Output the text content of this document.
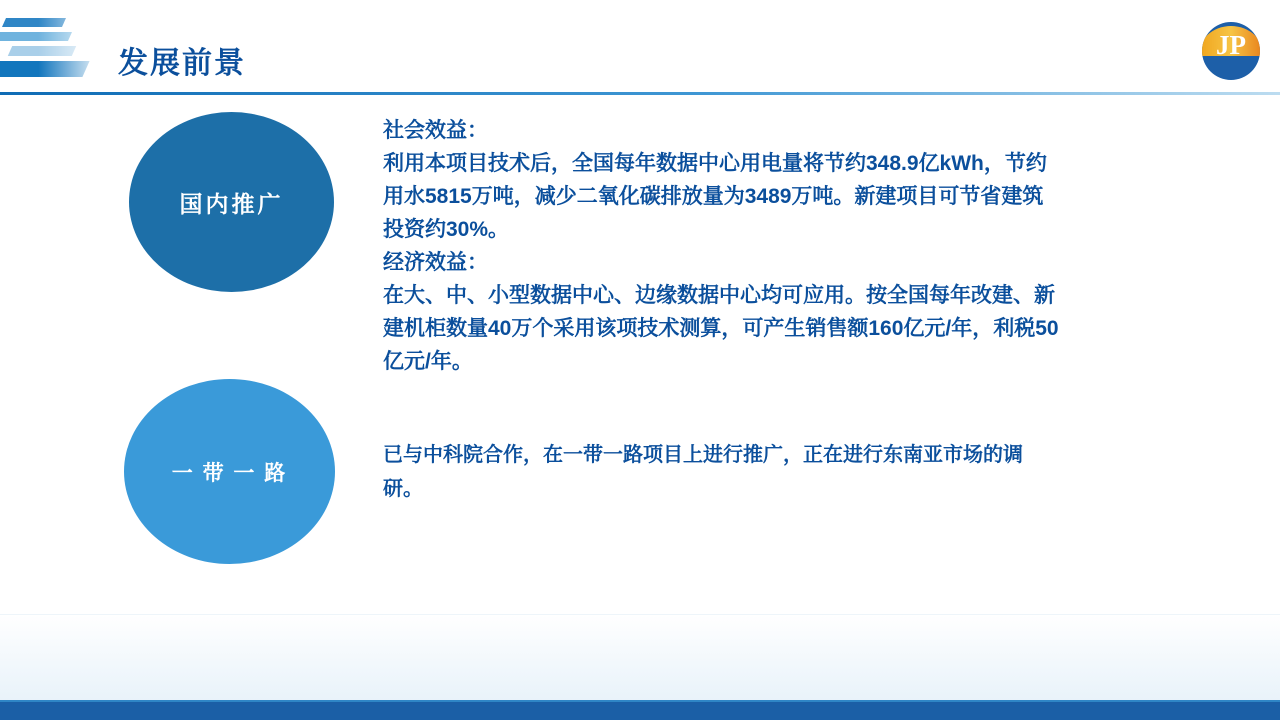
发展前景
JP
国内推广
社会效益：
利用本项目技术后，全国每年数据中心用电量将节约348.9亿kWh，节约用水5815万吨，减少二氧化碳排放量为3489万吨。新建项目可节省建筑投资约30%。
经济效益：
在大、中、小型数据中心、边缘数据中心均可应用。按全国每年改建、新建机柜数量40万个采用该项技术测算，可产生销售额160亿元/年，利税50亿元/年。
一 带 一 路
已与中科院合作，在一带一路项目上进行推广，正在进行东南亚市场的调研。
